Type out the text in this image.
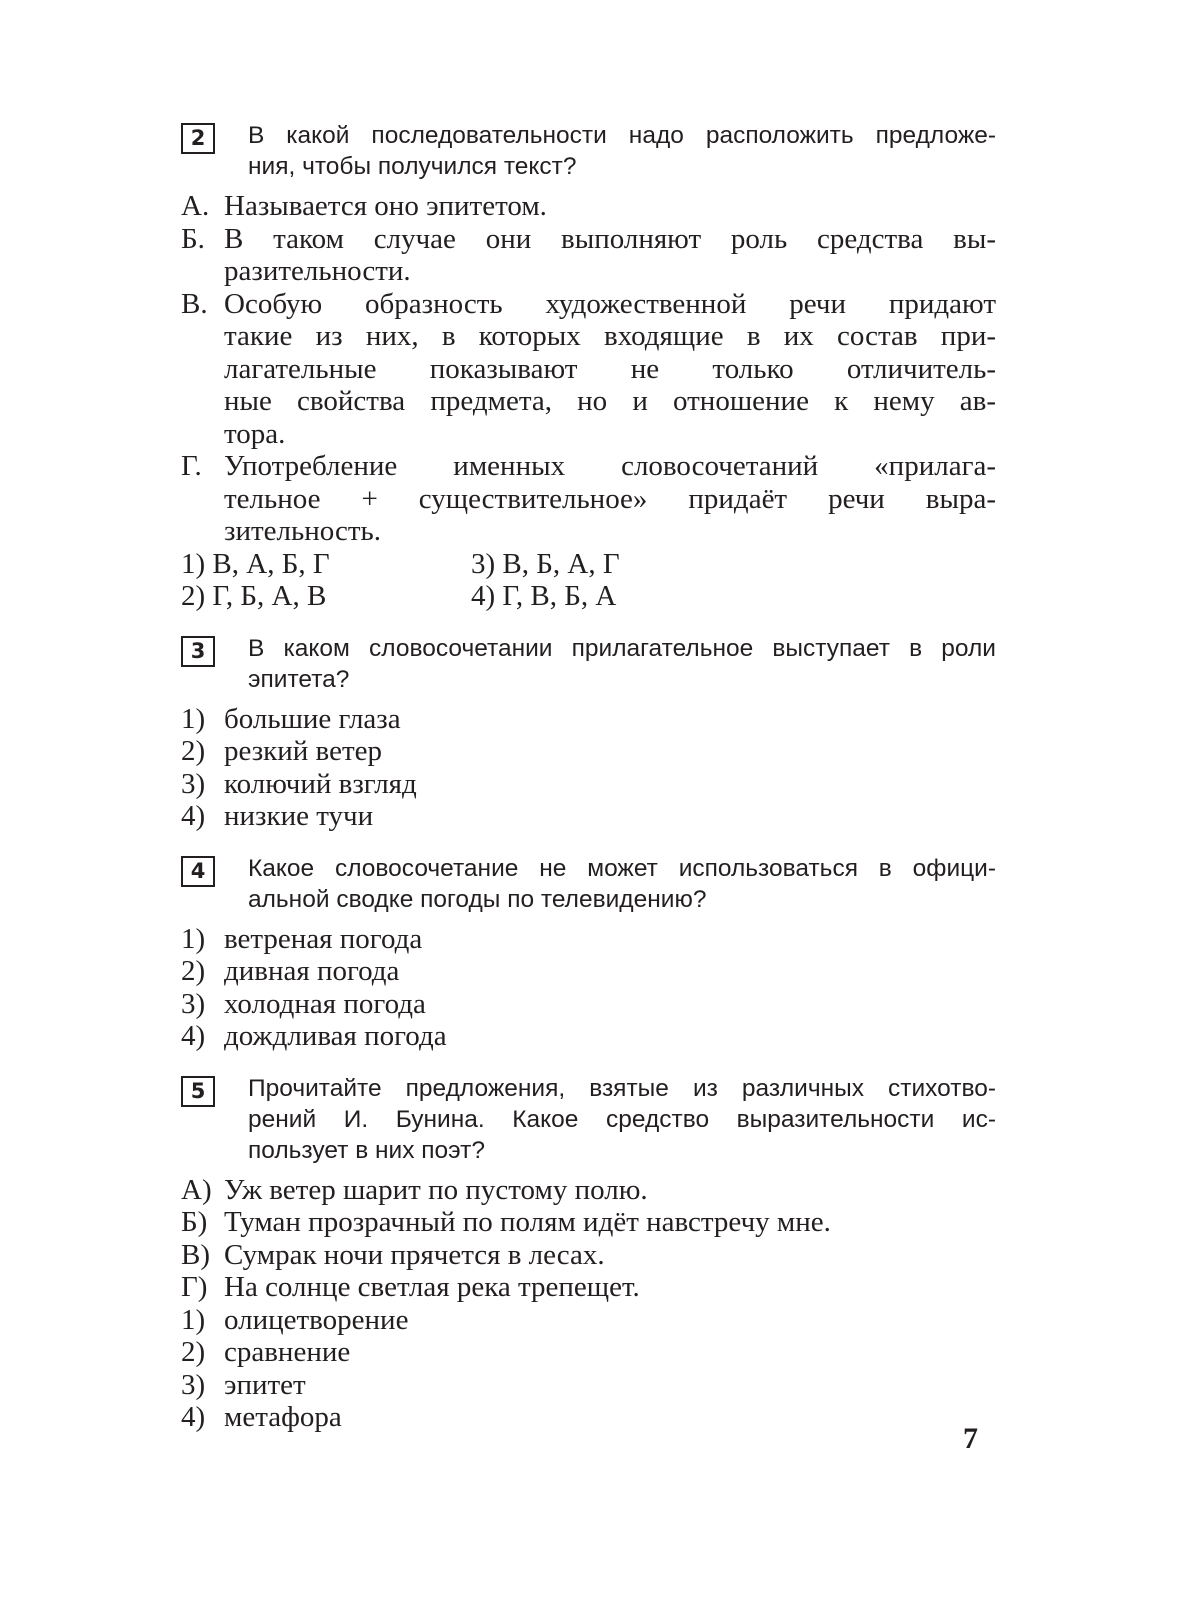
2	В какой последовательности надо расположить предложе-
ния, чтобы получился текст?
А. Называется оно эпитетом.
Б. В таком случае они выполняют роль средства вы-
разительности.
В. Особую образность художественной речи придают
такие из них, в которых входящие в их состав при-
лагательные показывают не только отличитель-
ные свойства предмета, но и отношение к нему ав-
тора.
Г. Употребление именных словосочетаний «прилага-
тельное + существительное» придаёт речи выра-
зительность.
1) В, А, Б, Г	3) В, Б, А, Г
2) Г, Б, А, В	4) Г, В, Б, А
3	В каком словосочетании прилагательное выступает в роли
эпитета?
1) большие глаза
2) резкий ветер
3) колючий взгляд
4) низкие тучи
4	Какое словосочетание не может использоваться в офици-
альной сводке погоды по телевидению?
1) ветреная погода
2) дивная погода
3) холодная погода
4) дождливая погода
5	Прочитайте предложения, взятые из различных стихотво-
рений И. Бунина. Какое средство выразительности ис-
пользует в них поэт?
А) Уж ветер шарит по пустому полю.
Б) Туман прозрачный по полям идёт навстречу мне.
В) Сумрак ночи прячется в лесах.
Г) На солнце светлая река трепещет.
1) олицетворение
2) сравнение
3) эпитет
4) метафора
7
